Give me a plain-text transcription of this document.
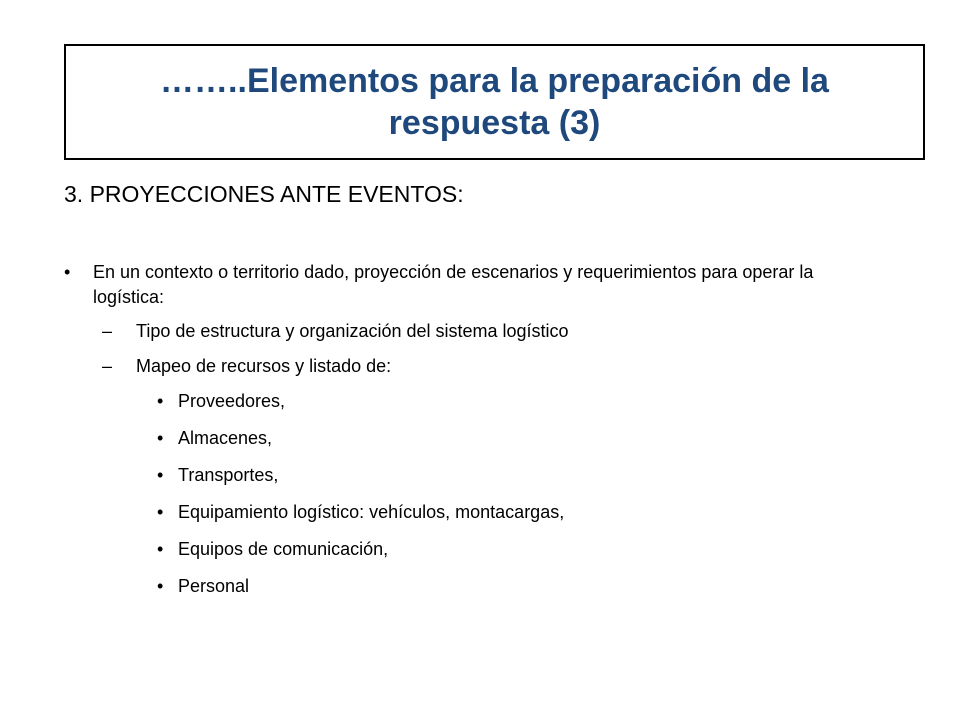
……..Elementos para la preparación de la respuesta (3)

3. PROYECCIONES ANTE EVENTOS:

• En un contexto o territorio dado, proyección de escenarios y requerimientos para operar la logística:
– Tipo de estructura y organización del sistema logístico
– Mapeo de recursos y listado de:
• Proveedores,
• Almacenes,
• Transportes,
• Equipamiento logístico: vehículos, montacargas,
• Equipos de comunicación,
• Personal
